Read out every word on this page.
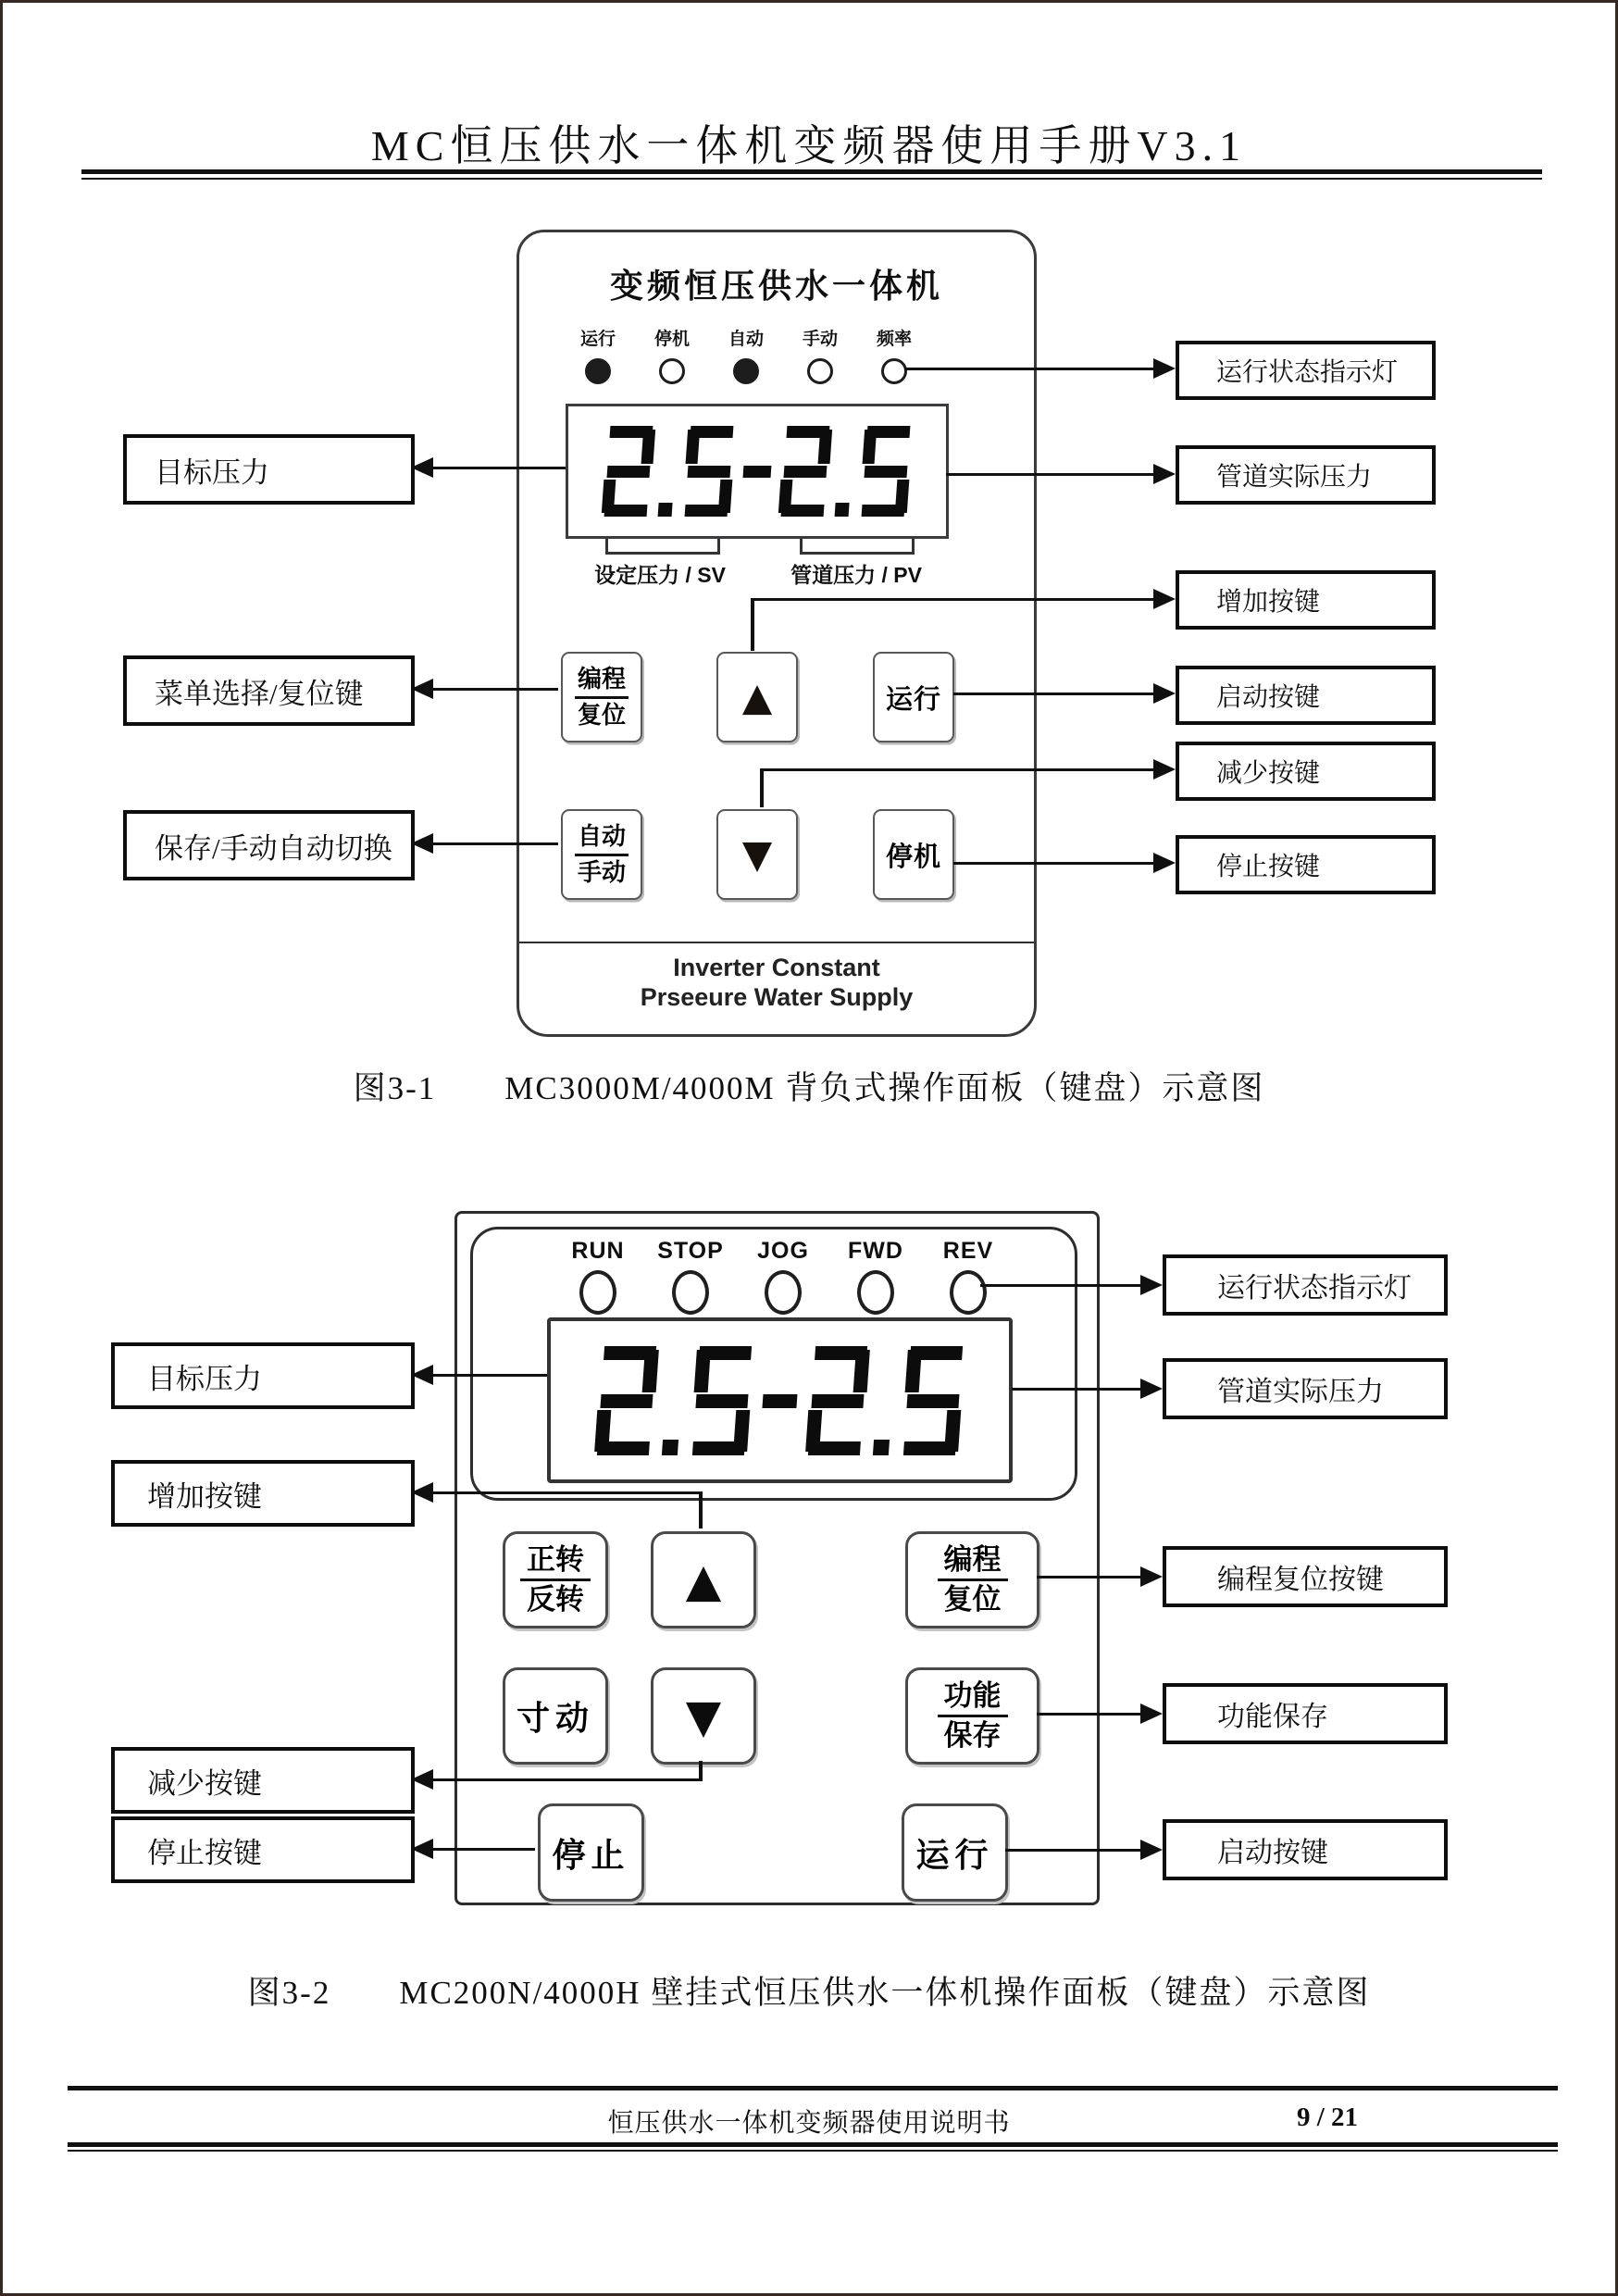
MC恒压供水一体机变频器使用手册V3.1
变频恒压供水一体机
运行 停机 自动 手动 频率
设定压力 / SV	管道压力 / PV
编程
复位	▲	运行
自动
手动	▼	停机
Inverter Constant
Prseeure Water Supply
目标压力
菜单选择/复位键
保存/手动自动切换
运行状态指示灯
管道实际压力
增加按键
启动按键
减少按键
停止按键
图3-1　　MC3000M/4000M 背负式操作面板（键盘）示意图
RUN STOP JOG FWD REV
正转
反转 ▲	编程
复位
寸动 ▼	功能
保存
停止	运行
目标压力
增加按键
减少按键
停止按键
运行状态指示灯
管道实际压力
编程复位按键
功能保存
启动按键
图3-2　　MC200N/4000H 壁挂式恒压供水一体机操作面板（键盘）示意图
恒压供水一体机变频器使用说明书	9 / 21
